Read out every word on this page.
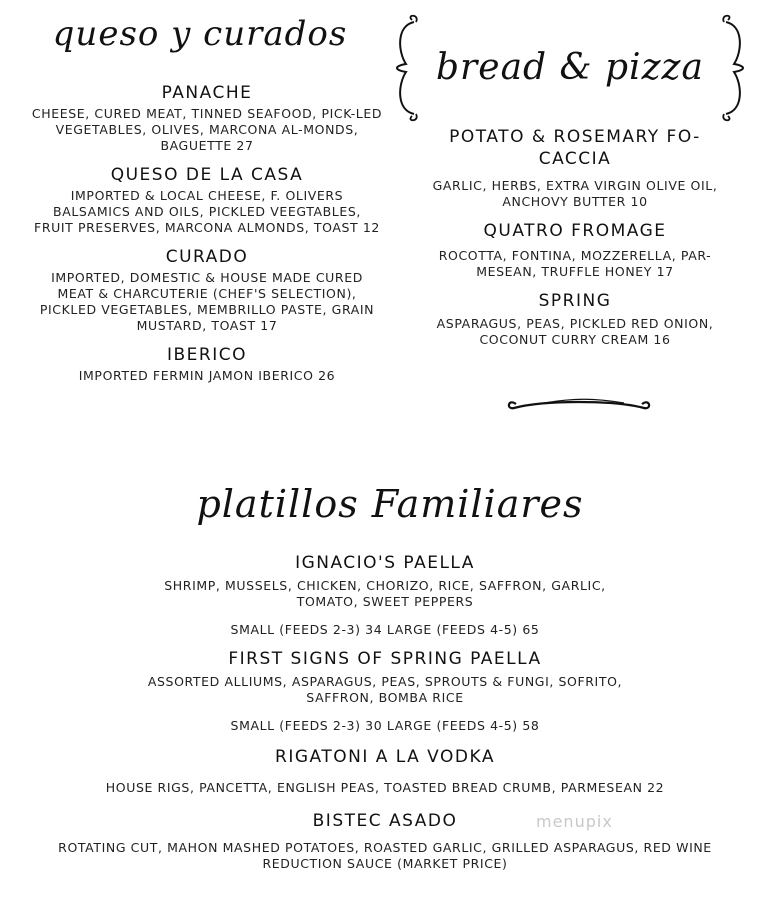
queso y curados
PANACHE
CHEESE, CURED MEAT, TINNED SEAFOOD, PICK-LED VEGETABLES, OLIVES, MARCONA AL-MONDS, BAGUETTE 27
QUESO DE LA CASA
IMPORTED & LOCAL CHEESE, F. OLIVERS BALSAMICS AND OILS, PICKLED VEEGTABLES, FRUIT PRESERVES, MARCONA ALMONDS, TOAST 12
CURADO
IMPORTED, DOMESTIC & HOUSE MADE CURED MEAT & CHARCUTERIE (CHEF'S SELECTION), PICKLED VEGETABLES, MEMBRILLO PASTE, GRAIN MUSTARD, TOAST 17
IBERICO
IMPORTED FERMIN JAMON IBERICO 26
bread & pizza
POTATO & ROSEMARY FO-CACCIA
GARLIC, HERBS, EXTRA VIRGIN OLIVE OIL, ANCHOVY BUTTER 10
QUATRO FROMAGE
ROCOTTA, FONTINA, MOZZERELLA, PAR-MESEAN, TRUFFLE HONEY 17
SPRING
ASPARAGUS, PEAS, PICKLED RED ONION, COCONUT CURRY CREAM 16
platillos Familiares
IGNACIO'S PAELLA
SHRIMP, MUSSELS, CHICKEN, CHORIZO, RICE, SAFFRON, GARLIC, TOMATO, SWEET PEPPERS
SMALL (FEEDS 2-3) 34 LARGE (FEEDS 4-5) 65
FIRST SIGNS OF SPRING PAELLA
ASSORTED ALLIUMS, ASPARAGUS, PEAS, SPROUTS & FUNGI, SOFRITO, SAFFRON, BOMBA RICE
SMALL (FEEDS 2-3) 30 LARGE (FEEDS 4-5) 58
RIGATONI A LA VODKA
HOUSE RIGS, PANCETTA, ENGLISH PEAS, TOASTED BREAD CRUMB, PARMESEAN 22
BISTEC ASADO
ROTATING CUT, MAHON MASHED POTATOES, ROASTED GARLIC, GRILLED ASPARAGUS, RED WINE REDUCTION SAUCE (MARKET PRICE)
menupix
